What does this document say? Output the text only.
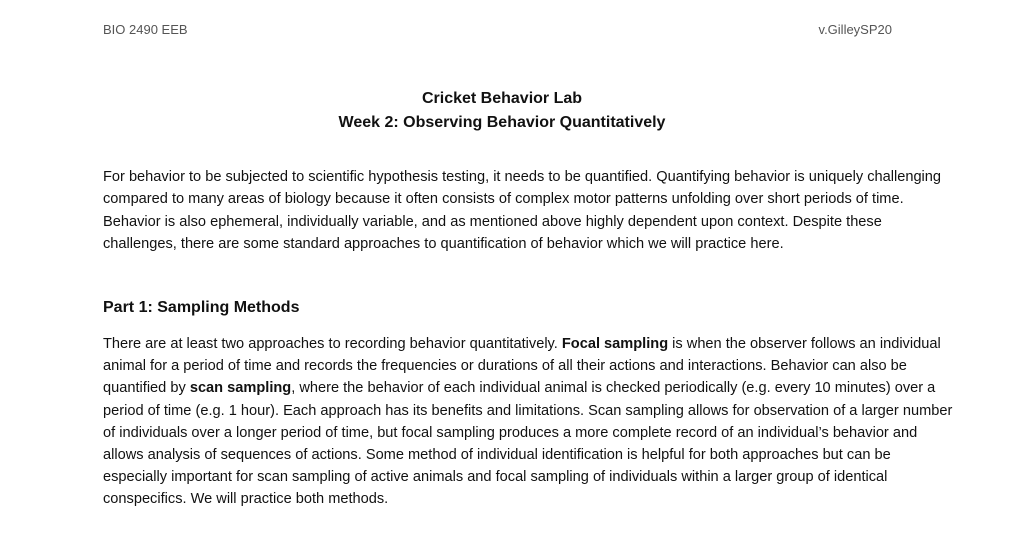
BIO 2490 EEB	v.GilleySP20
Cricket Behavior Lab
Week 2: Observing Behavior Quantitatively

For behavior to be subjected to scientific hypothesis testing, it needs to be quantified. Quantifying behavior is uniquely challenging compared to many areas of biology because it often consists of complex motor patterns unfolding over short periods of time. Behavior is also ephemeral, individually variable, and as mentioned above highly dependent upon context. Despite these challenges, there are some standard approaches to quantification of behavior which we will practice here.

Part 1: Sampling Methods

There are at least two approaches to recording behavior quantitatively. Focal sampling is when the observer follows an individual animal for a period of time and records the frequencies or durations of all their actions and interactions. Behavior can also be quantified by scan sampling, where the behavior of each individual animal is checked periodically (e.g. every 10 minutes) over a period of time (e.g. 1 hour). Each approach has its benefits and limitations. Scan sampling allows for observation of a larger number of individuals over a longer period of time, but focal sampling produces a more complete record of an individual’s behavior and allows analysis of sequences of actions. Some method of individual identification is helpful for both approaches but can be especially important for scan sampling of active animals and focal sampling of individuals within a larger group of identical conspecifics. We will practice both methods.
